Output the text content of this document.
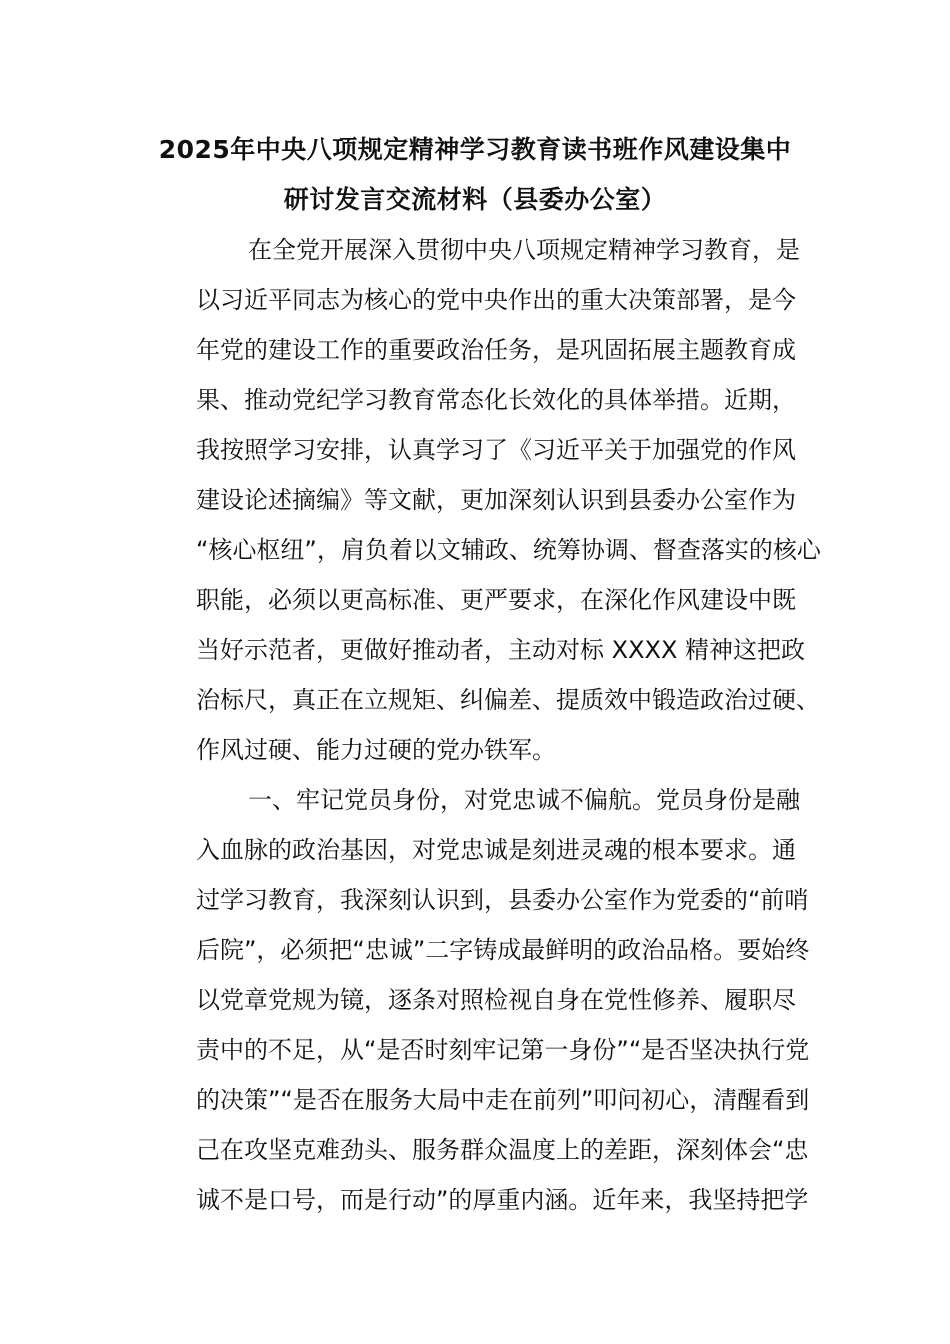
2025年中央八项规定精神学习教育读书班作风建设集中
研讨发言交流材料（县委办公室）
在全党开展深入贯彻中央八项规定精神学习教育，是
以习近平同志为核心的党中央作出的重大决策部署，是今
年党的建设工作的重要政治任务，是巩固拓展主题教育成
果、推动党纪学习教育常态化长效化的具体举措。近期，
我按照学习安排，认真学习了《习近平关于加强党的作风
建设论述摘编》等文献，更加深刻认识到县委办公室作为
“核心枢纽”，肩负着以文辅政、统筹协调、督查落实的核心
职能，必须以更高标准、更严要求，在深化作风建设中既
当好示范者，更做好推动者，主动对标 XXXX 精神这把政
治标尺，真正在立规矩、纠偏差、提质效中锻造政治过硬、
作风过硬、能力过硬的党办铁军。
一、牢记党员身份，对党忠诚不偏航。党员身份是融
入血脉的政治基因，对党忠诚是刻进灵魂的根本要求。通
过学习教育，我深刻认识到，县委办公室作为党委的“前哨
后院”，必须把“忠诚”二字铸成最鲜明的政治品格。要始终
以党章党规为镜，逐条对照检视自身在党性修养、履职尽
责中的不足，从“是否时刻牢记第一身份”“是否坚决执行党
的决策”“是否在服务大局中走在前列”叩问初心，清醒看到
己在攻坚克难劲头、服务群众温度上的差距，深刻体会“忠
诚不是口号，而是行动”的厚重内涵。近年来，我坚持把学
